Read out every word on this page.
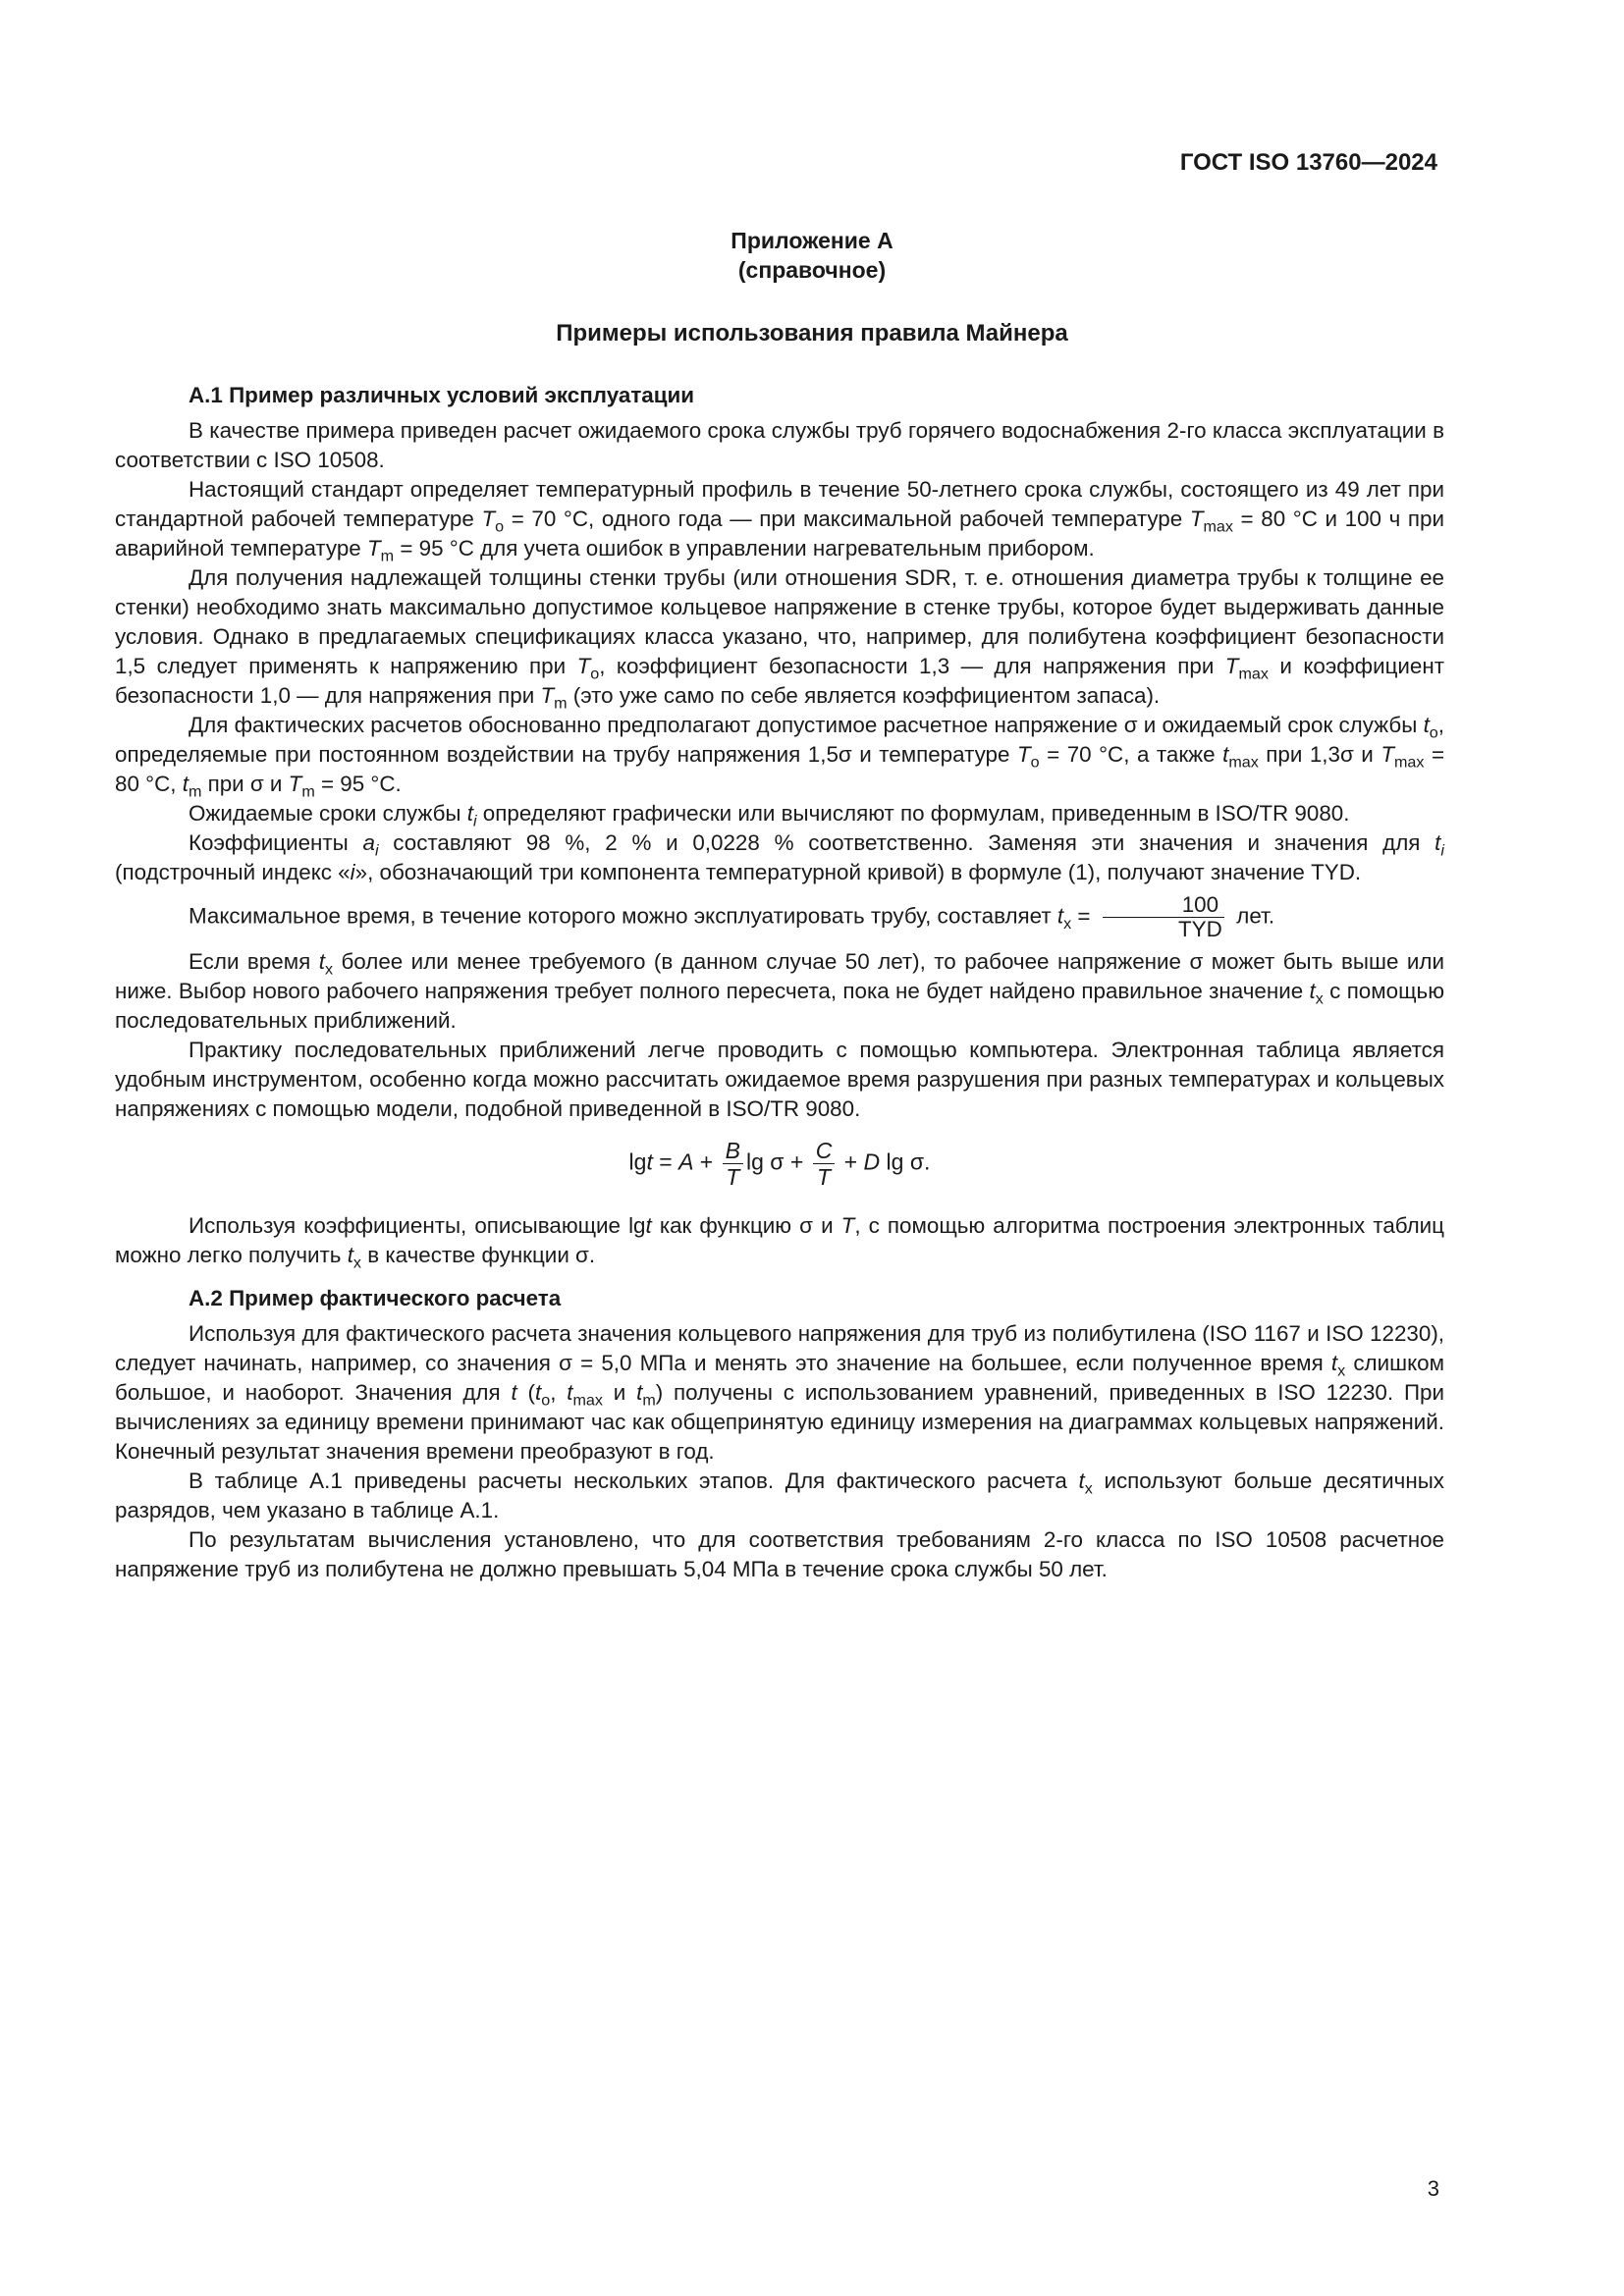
ГОСТ ISO 13760—2024
Приложение А
(справочное)
Примеры использования правила Майнера
А.1 Пример различных условий эксплуатации

В качестве примера приведен расчет ожидаемого срока службы труб горячего водоснабжения 2-го класса эксплуатации в соответствии с ISO 10508.

Настоящий стандарт определяет температурный профиль в течение 50-летнего срока службы, состоящего из 49 лет при стандартной рабочей температуре $T_о = 70$ °С, одного года — при максимальной рабочей температуре $T_{max} = 80$ °С и 100 ч при аварийной температуре $T_m = 95$ °С для учета ошибок в управлении нагревательным прибором.

Для получения надлежащей толщины стенки трубы (или отношения SDR, т. е. отношения диаметра трубы к толщине ее стенки) необходимо знать максимально допустимое кольцевое напряжение в стенке трубы, которое будет выдерживать данные условия. Однако в предлагаемых спецификациях класса указано, что, например, для полибутена коэффициент безопасности 1,5 следует применять к напряжению при $T_о$, коэффициент безопасности 1,3 — для напряжения при $T_{max}$ и коэффициент безопасности 1,0 — для напряжения при $T_m$ (это уже само по себе является коэффициентом запаса).

Для фактических расчетов обоснованно предполагают допустимое расчетное напряжение σ и ожидаемый срок службы $t_о$, определяемые при постоянном воздействии на трубу напряжения 1,5σ и температуре $T_о = 70$ °С, а также $t_{max}$ при 1,3σ и $T_{max} = 80$ °С, $t_m$ при σ и $T_m = 95$ °С.

Ожидаемые сроки службы $t_i$ определяют графически или вычисляют по формулам, приведенным в ISO/TR 9080.

Коэффициенты $a_i$ составляют 98 %, 2 % и 0,0228 % соответственно. Заменяя эти значения и значения для $t_i$ (подстрочный индекс «i», обозначающий три компонента температурной кривой) в формуле (1), получают значение TYD.

Максимальное время, в течение которого можно эксплуатировать трубу, составляет $t_x = \frac{100}{\text{TYD}}$ лет.

Если время $t_x$ более или менее требуемого (в данном случае 50 лет), то рабочее напряжение σ может быть выше или ниже. Выбор нового рабочего напряжения требует полного пересчета, пока не будет найдено правильное значение $t_x$ с помощью последовательных приближений.

Практику последовательных приближений легче проводить с помощью компьютера. Электронная таблица является удобным инструментом, особенно когда можно рассчитать ожидаемое время разрушения при разных температурах и кольцевых напряжениях с помощью модели, подобной приведенной в ISO/TR 9080.

$\lg t = A + \frac{B}{T}$ $\lg \sigma + \frac{C}{T} + D$ lg σ.

Используя коэффициенты, описывающие lgt как функцию σ и T, с помощью алгоритма построения электронных таблиц можно легко получить $t_x$ в качестве функции σ.

А.2 Пример фактического расчета

Используя для фактического расчета значения кольцевого напряжения для труб из полибутилена (ISO 1167 и ISO 12230), следует начинать, например, со значения σ = 5,0 МПа и менять это значение на большее, если полученное время $t_x$ слишком большое, и наоборот. Значения для t ($t_о$, $t_{max}$ и $t_m$) получены с использованием уравнений, приведенных в ISO 12230. При вычислениях за единицу времени принимают час как общепринятую единицу измерения на диаграммах кольцевых напряжений. Конечный результат значения времени преобразуют в год.

В таблице А.1 приведены расчеты нескольких этапов. Для фактического расчета $t_x$ используют больше десятичных разрядов, чем указано в таблице А.1.

По результатам вычисления установлено, что для соответствия требованиям 2-го класса по ISO 10508 расчетное напряжение труб из полибутена не должно превышать 5,04 МПа в течение срока службы 50 лет.

3
